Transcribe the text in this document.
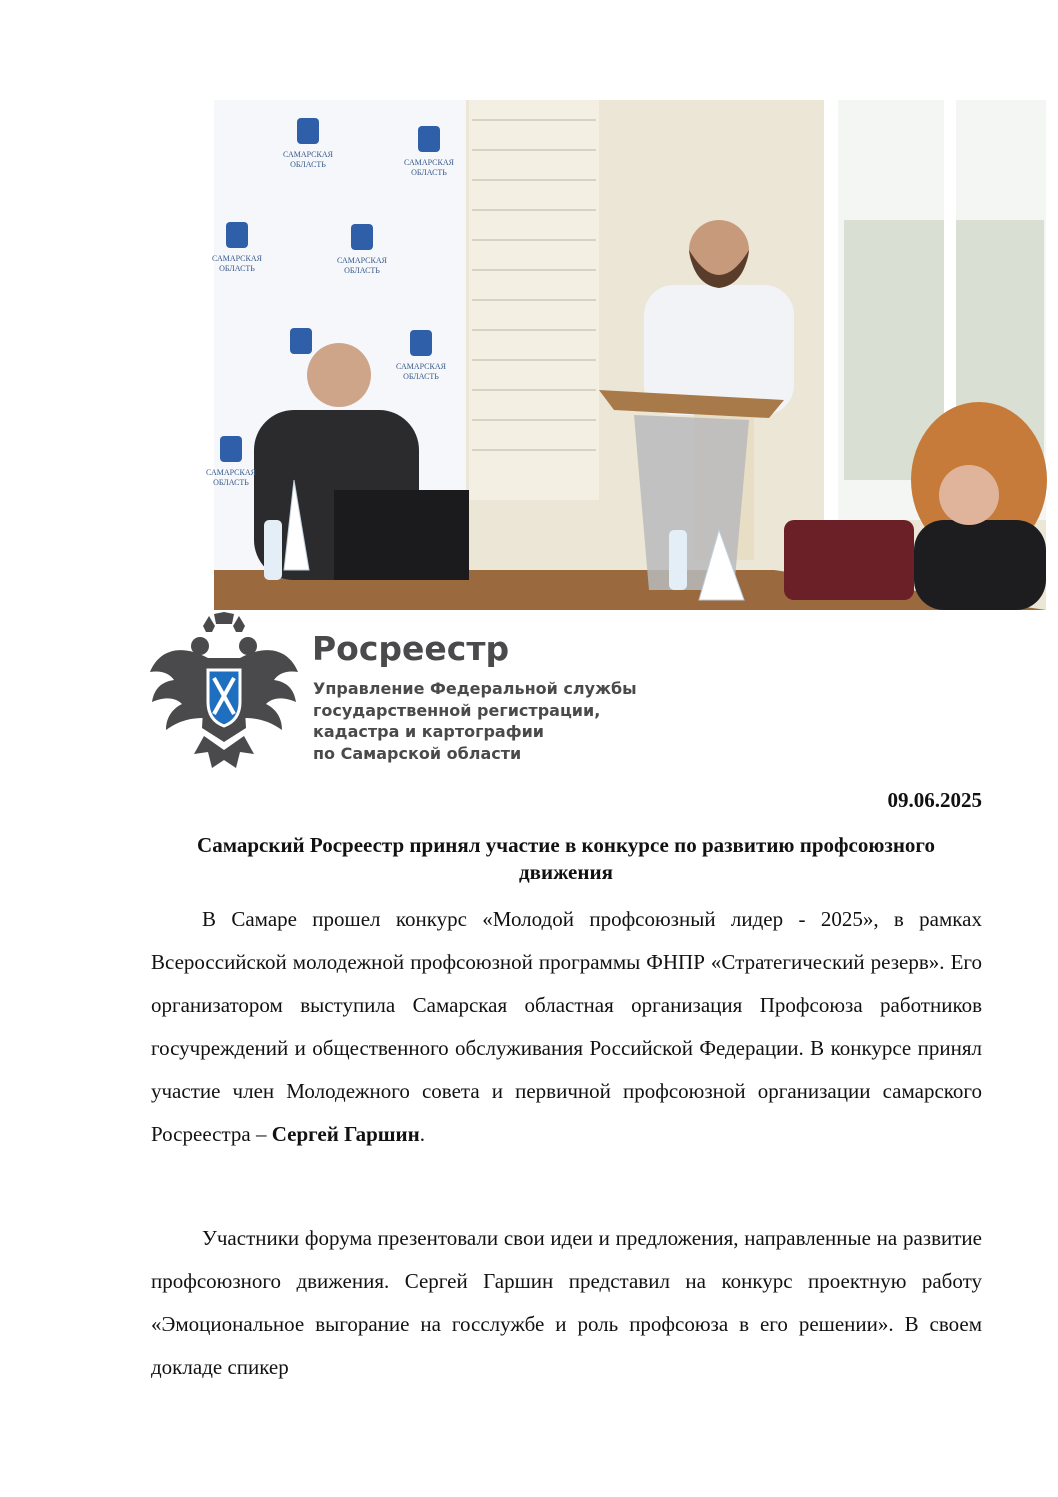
САМАРСКАЯ
ОБЛАСТЬ	САМАРСКАЯ
ОБЛАСТЬ
САМАРСКАЯ
ОБЛАСТЬ
САМАРСКАЯ
ОБЛАСТЬ
САМАРСКАЯ
ОБЛАСТЬ
САМАРСКАЯ
ОБЛАСТЬ
Росреестр
Управление Федеральной службы
государственной регистрации,
кадастра и картографии
по Самарской области
09.06.2025
Самарский Росреестр принял участие в конкурсе по развитию профсоюзного движения

В Самаре прошел конкурс «Молодой профсоюзный лидер - 2025», в рамках Всероссийской молодежной профсоюзной программы ФНПР «Стратегический резерв». Его организатором выступила Самарская областная организация Профсоюза работников госучреждений и общественного обслуживания Российской Федерации. В конкурсе принял участие член Молодежного совета и первичной профсоюзной организации самарского Росреестра – Сергей Гаршин.

Участники форума презентовали свои идеи и предложения, направленные на развитие профсоюзного движения. Сергей Гаршин представил на конкурс проектную работу «Эмоциональное выгорание на госслужбе и роль профсоюза в его решении». В своем докладе спикер
